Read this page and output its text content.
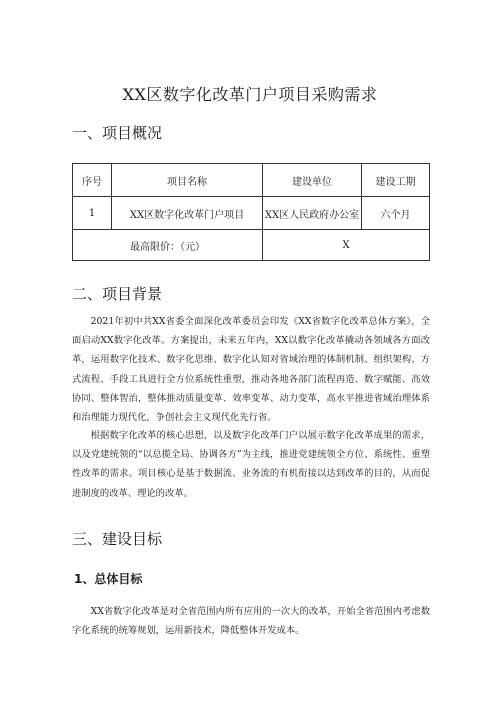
XX区数字化改革门户项目采购需求
一、项目概况
序号	项目名称	建设单位	建设工期
1	XX区数字化改革门户项目	XX区人民政府办公室	六个月
最高限价：（元）		X	
二、项目背景

2021年初中共XX省委全面深化改革委员会印发《XX省数字化改革总体方案》，全面启动XX数字化改革。方案提出，未来五年内，XX以数字化改革撬动各领域各方面改革，运用数字化技术、数字化思维、数字化认知对省域治理的体制机制、组织架构、方式流程、手段工具进行全方位系统性重塑，推动各地各部门流程再造、数字赋能、高效协同、整体智治，整体推动质量变革、效率变革、动力变革，高水平推进省域治理体系和治理能力现代化，争创社会主义现代化先行省。

根据数字化改革的核心思想，以及数字化改革门户以展示数字化改革成果的需求，以及党建统领的“以总揽全局、协调各方”为主线，推进党建统领全方位、系统性、重塑性改革的需求。项目核心是基于数据流、业务流的有机衔接以达到改革的目的，从而促进制度的改革、理论的改革。

三、建设目标
1、总体目标

XX省数字化改革是对全省范围内所有应用的一次大的改革，开始全省范围内考虑数字化系统的统筹规划，运用新技术，降低整体开发成本。
